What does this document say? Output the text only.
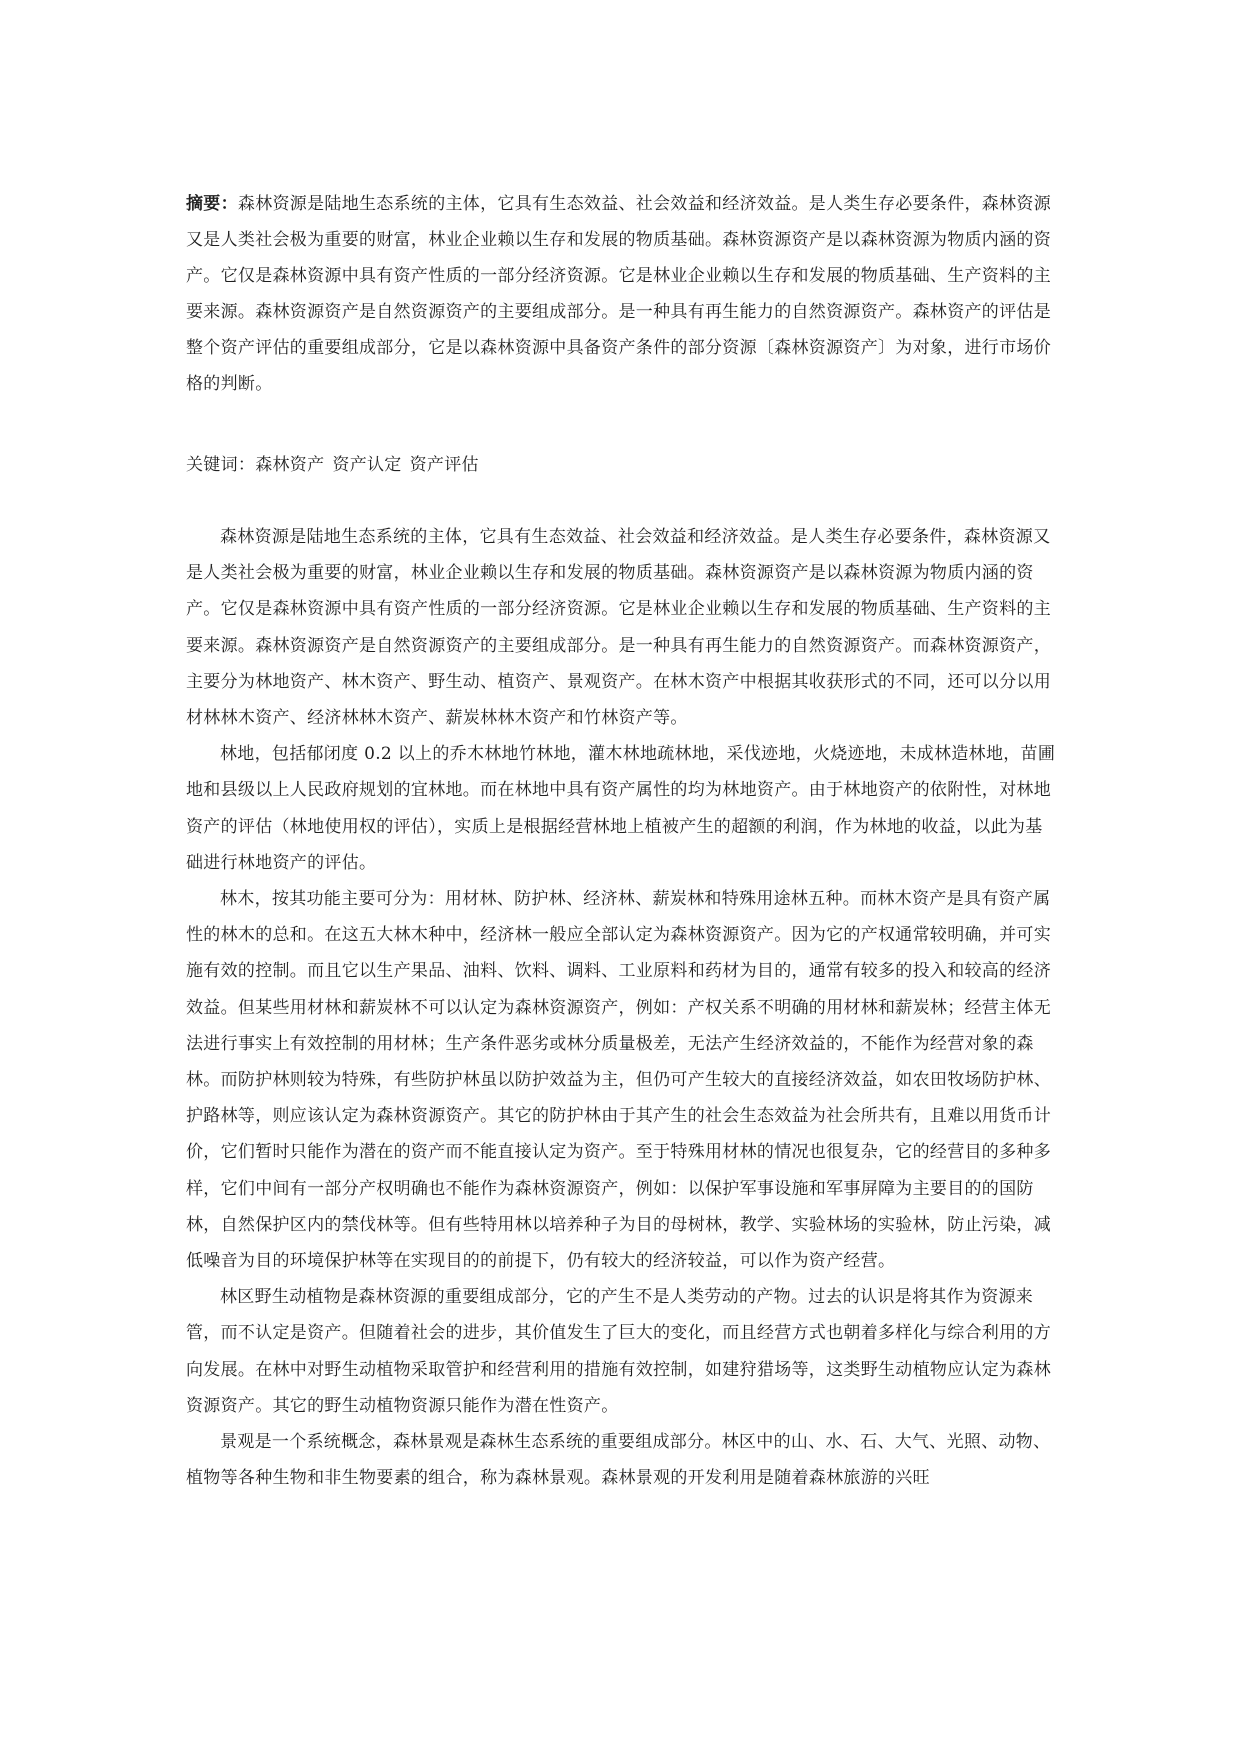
摘要：森林资源是陆地生态系统的主体，它具有生态效益、社会效益和经济效益。是人类生存必要条件，森林资源又是人类社会极为重要的财富，林业企业赖以生存和发展的物质基础。森林资源资产是以森林资源为物质内涵的资产。它仅是森林资源中具有资产性质的一部分经济资源。它是林业企业赖以生存和发展的物质基础、生产资料的主要来源。森林资源资产是自然资源资产的主要组成部分。是一种具有再生能力的自然资源资产。森林资产的评估是整个资产评估的重要组成部分，它是以森林资源中具备资产条件的部分资源〔森林资源资产〕为对象，进行市场价格的判断。

关键词：森林资产 资产认定 资产评估

森林资源是陆地生态系统的主体，它具有生态效益、社会效益和经济效益。是人类生存必要条件，森林资源又是人类社会极为重要的财富，林业企业赖以生存和发展的物质基础。森林资源资产是以森林资源为物质内涵的资产。它仅是森林资源中具有资产性质的一部分经济资源。它是林业企业赖以生存和发展的物质基础、生产资料的主要来源。森林资源资产是自然资源资产的主要组成部分。是一种具有再生能力的自然资源资产。而森林资源资产，主要分为林地资产、林木资产、野生动、植资产、景观资产。在林木资产中根据其收获形式的不同，还可以分以用材林林木资产、经济林林木资产、薪炭林林木资产和竹林资产等。

林地，包括郁闭度 0.2 以上的乔木林地竹林地，灌木林地疏林地，采伐迹地，火烧迹地，未成林造林地，苗圃地和县级以上人民政府规划的宜林地。而在林地中具有资产属性的均为林地资产。由于林地资产的依附性，对林地资产的评估（林地使用权的评估），实质上是根据经营林地上植被产生的超额的利润，作为林地的收益，以此为基础进行林地资产的评估。

林木，按其功能主要可分为：用材林、防护林、经济林、薪炭林和特殊用途林五种。而林木资产是具有资产属性的林木的总和。在这五大林木种中，经济林一般应全部认定为森林资源资产。因为它的产权通常较明确，并可实施有效的控制。而且它以生产果品、油料、饮料、调料、工业原料和药材为目的，通常有较多的投入和较高的经济效益。但某些用材林和薪炭林不可以认定为森林资源资产，例如：产权关系不明确的用材林和薪炭林；经营主体无法进行事实上有效控制的用材林；生产条件恶劣或林分质量极差，无法产生经济效益的，不能作为经营对象的森林。而防护林则较为特殊，有些防护林虽以防护效益为主，但仍可产生较大的直接经济效益，如农田牧场防护林、护路林等，则应该认定为森林资源资产。其它的防护林由于其产生的社会生态效益为社会所共有，且难以用货币计价，它们暂时只能作为潜在的资产而不能直接认定为资产。至于特殊用材林的情况也很复杂，它的经营目的多种多样，它们中间有一部分产权明确也不能作为森林资源资产，例如：以保护军事设施和军事屏障为主要目的的国防林，自然保护区内的禁伐林等。但有些特用林以培养种子为目的母树林，教学、实验林场的实验林，防止污染，减低噪音为目的环境保护林等在实现目的的前提下，仍有较大的经济较益，可以作为资产经营。

林区野生动植物是森林资源的重要组成部分，它的产生不是人类劳动的产物。过去的认识是将其作为资源来管，而不认定是资产。但随着社会的进步，其价值发生了巨大的变化，而且经营方式也朝着多样化与综合利用的方向发展。在林中对野生动植物采取管护和经营利用的措施有效控制，如建狩猎场等，这类野生动植物应认定为森林资源资产。其它的野生动植物资源只能作为潜在性资产。

景观是一个系统概念，森林景观是森林生态系统的重要组成部分。林区中的山、水、石、大气、光照、动物、植物等各种生物和非生物要素的组合，称为森林景观。森林景观的开发利用是随着森林旅游的兴旺
